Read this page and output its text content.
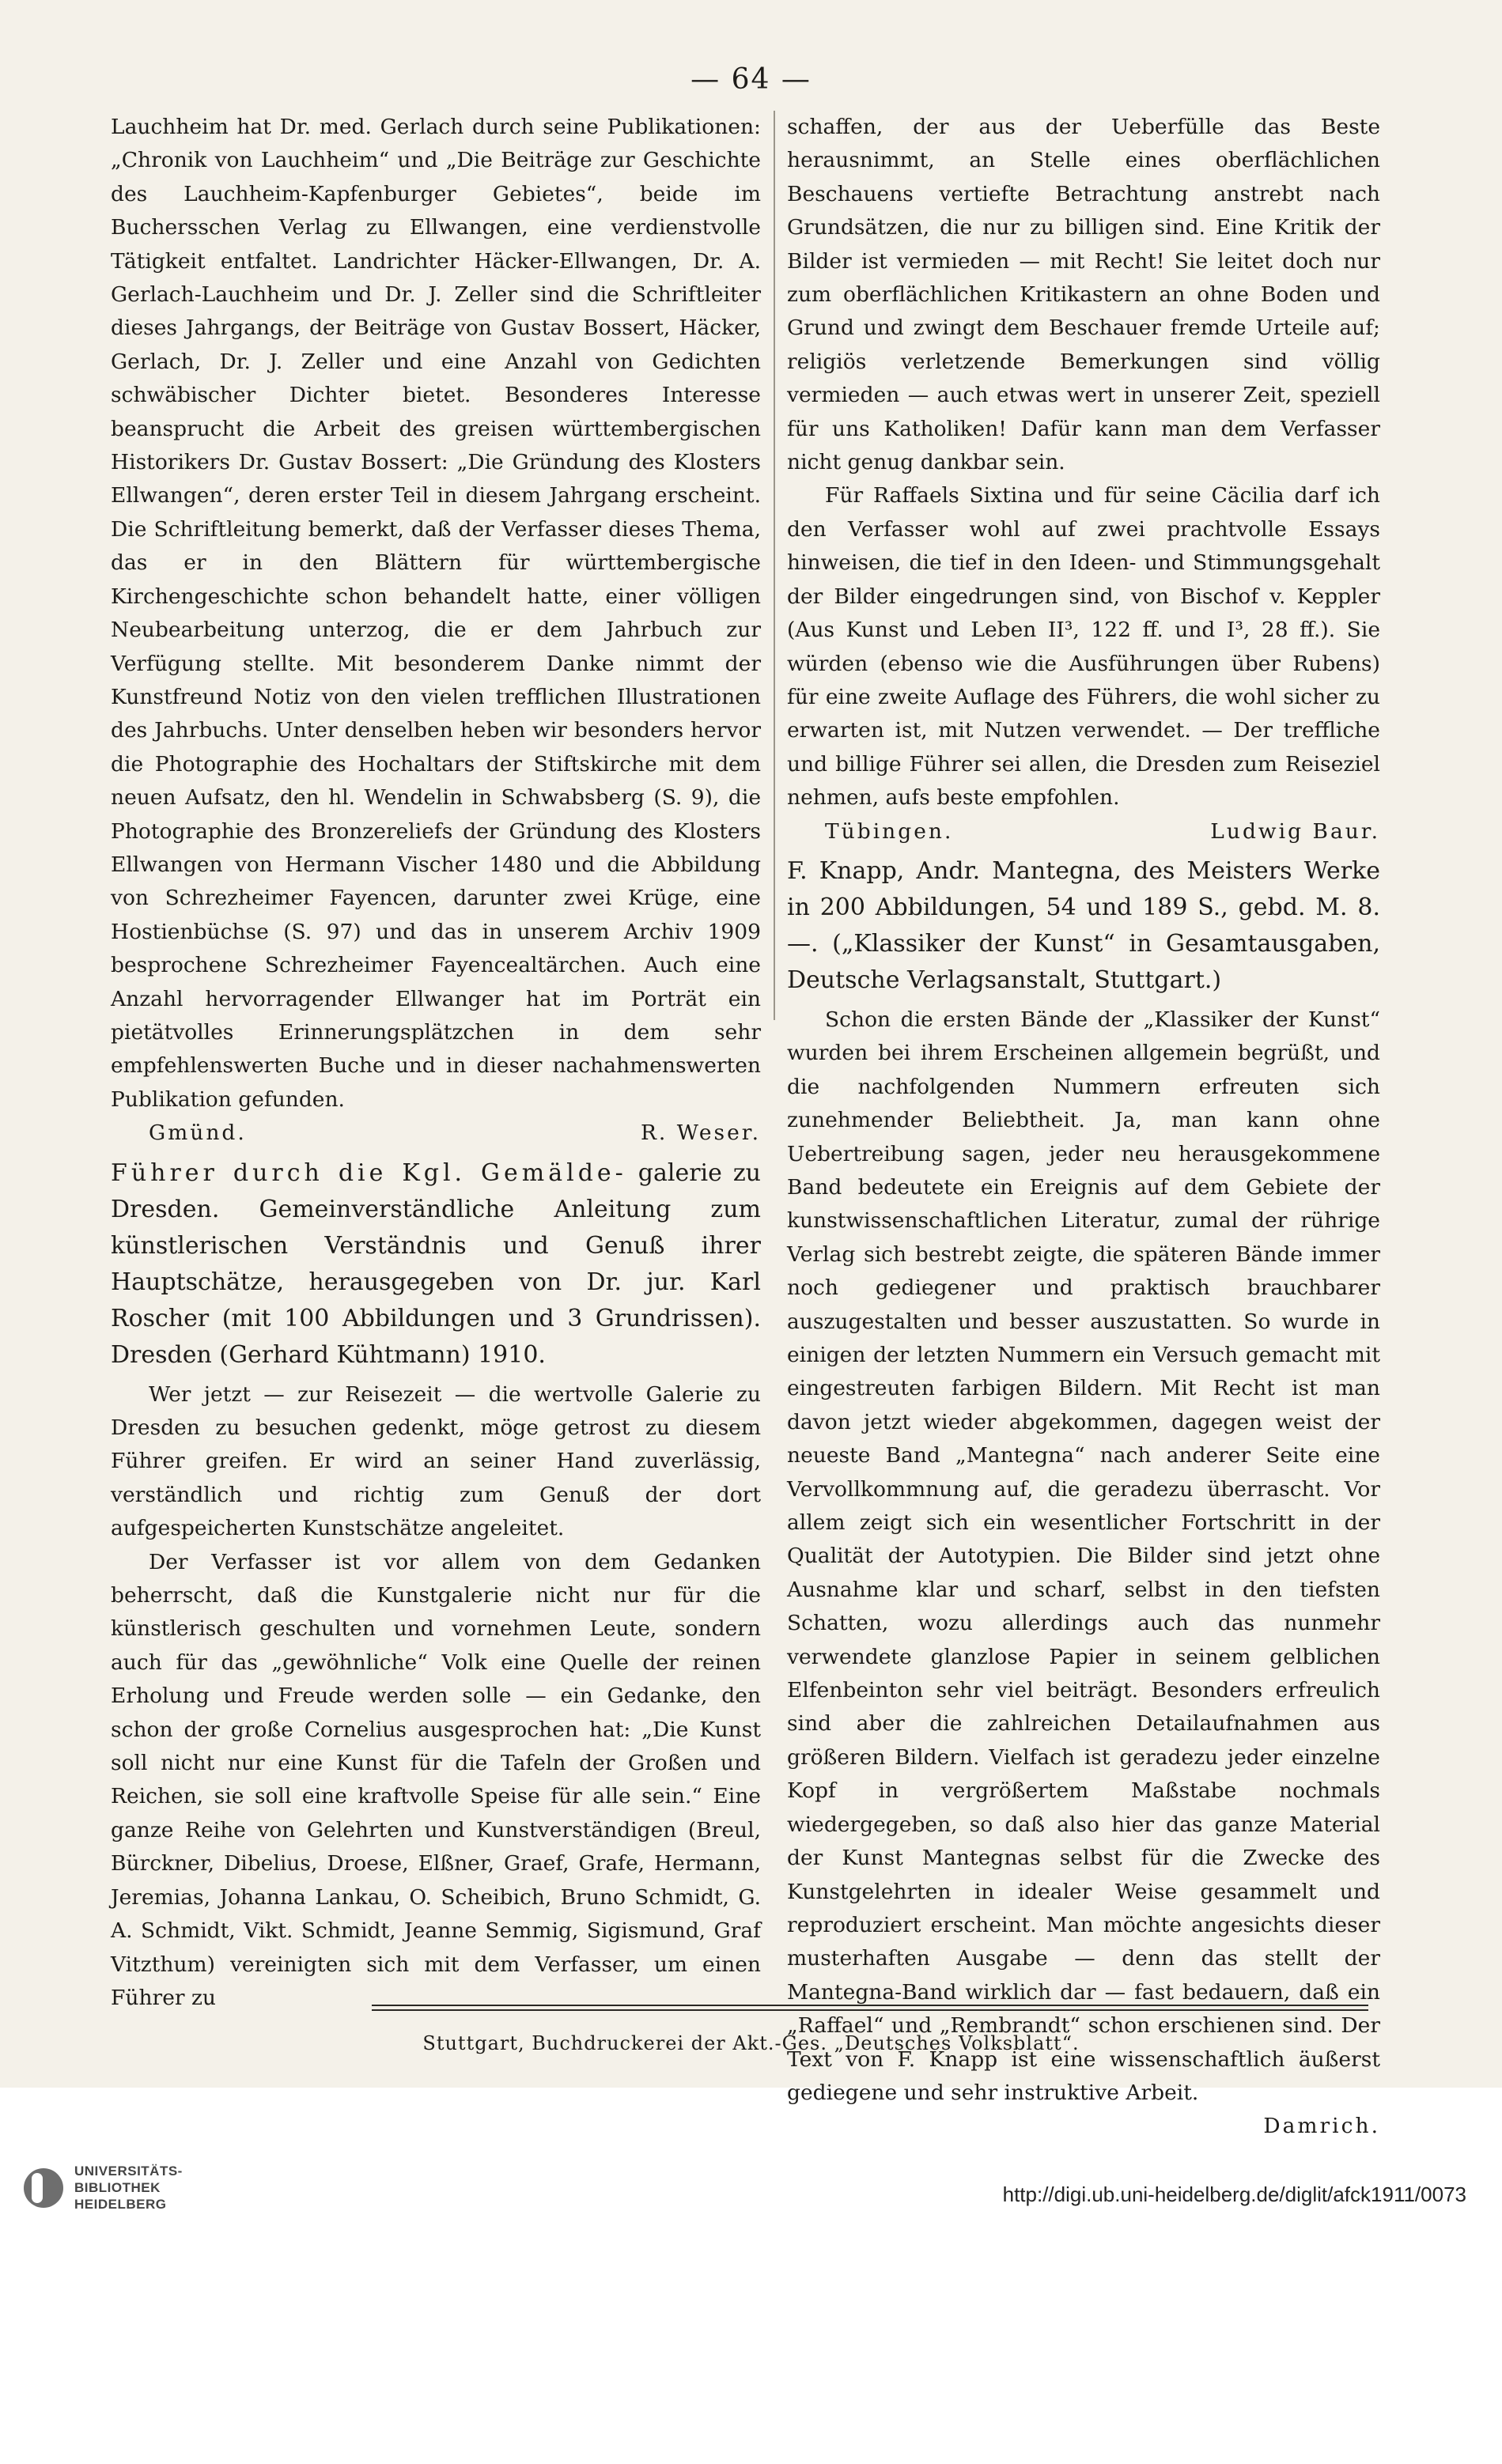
— 64 —

Lauchheim hat Dr. med. Gerlach durch seine Publikationen: „Chronik von Lauchheim“ und „Die Beiträge zur Geschichte des Lauchheim-Kapfenburger Gebietes“, beide im Buchersschen Verlag zu Ellwangen, eine verdienstvolle Tätigkeit entfaltet. Landrichter Häcker-Ellwangen, Dr. A. Gerlach-Lauchheim und Dr. J. Zeller sind die Schriftleiter dieses Jahrgangs, der Beiträge von Gustav Bossert, Häcker, Gerlach, Dr. J. Zeller und eine Anzahl von Gedichten schwäbischer Dichter bietet. Besonderes Interesse beansprucht die Arbeit des greisen württembergischen Historikers Dr. Gustav Bossert: „Die Gründung des Klosters Ellwangen“, deren erster Teil in diesem Jahrgang erscheint. Die Schriftleitung bemerkt, daß der Verfasser dieses Thema, das er in den Blättern für württembergische Kirchengeschichte schon behandelt hatte, einer völligen Neubearbeitung unterzog, die er dem Jahrbuch zur Verfügung stellte. Mit besonderem Danke nimmt der Kunstfreund Notiz von den vielen trefflichen Illustrationen des Jahrbuchs. Unter denselben heben wir besonders hervor die Photographie des Hochaltars der Stiftskirche mit dem neuen Aufsatz, den hl. Wendelin in Schwabsberg (S. 9), die Photographie des Bronzereliefs der Gründung des Klosters Ellwangen von Hermann Vischer 1480 und die Abbildung von Schrezheimer Fayencen, darunter zwei Krüge, eine Hostienbüchse (S. 97) und das in unserem Archiv 1909 besprochene Schrezheimer Fayencealtärchen. Auch eine Anzahl hervorragender Ellwanger hat im Porträt ein pietätvolles Erinnerungsplätzchen in dem sehr empfehlenswerten Buche und in dieser nachahmenswerten Publikation gefunden.

Gmünd.	R. Weser.

Führer durch die Kgl. Gemälde- galerie zu Dresden. Gemeinverständliche Anleitung zum künstlerischen Verständnis und Genuß ihrer Hauptschätze, herausgegeben von Dr. jur. Karl Roscher (mit 100 Abbildungen und 3 Grundrissen). Dresden (Gerhard Kühtmann) 1910.

Wer jetzt — zur Reisezeit — die wertvolle Galerie zu Dresden zu besuchen gedenkt, möge getrost zu diesem Führer greifen. Er wird an seiner Hand zuverlässig, verständlich und richtig zum Genuß der dort aufgespeicherten Kunstschätze angeleitet.

Der Verfasser ist vor allem von dem Gedanken beherrscht, daß die Kunstgalerie nicht nur für die künstlerisch geschulten und vornehmen Leute, sondern auch für das „gewöhnliche“ Volk eine Quelle der reinen Erholung und Freude werden solle — ein Gedanke, den schon der große Cornelius ausgesprochen hat: „Die Kunst soll nicht nur eine Kunst für die Tafeln der Großen und Reichen, sie soll eine kraftvolle Speise für alle sein.“ Eine ganze Reihe von Gelehrten und Kunstverständigen (Breul, Bürckner, Dibelius, Droese, Elßner, Graef, Grafe, Hermann, Jeremias, Johanna Lankau, O. Scheibich, Bruno Schmidt, G. A. Schmidt, Vikt. Schmidt, Jeanne Semmig, Sigismund, Graf Vitzthum) vereinigten sich mit dem Verfasser, um einen Führer zu

schaffen, der aus der Ueberfülle das Beste herausnimmt, an Stelle eines oberflächlichen Beschauens vertiefte Betrachtung anstrebt nach Grundsätzen, die nur zu billigen sind. Eine Kritik der Bilder ist vermieden — mit Recht! Sie leitet doch nur zum oberflächlichen Kritikastern an ohne Boden und Grund und zwingt dem Beschauer fremde Urteile auf; religiös verletzende Bemerkungen sind völlig vermieden — auch etwas wert in unserer Zeit, speziell für uns Katholiken! Dafür kann man dem Verfasser nicht genug dankbar sein.

Für Raffaels Sixtina und für seine Cäcilia darf ich den Verfasser wohl auf zwei prachtvolle Essays hinweisen, die tief in den Ideen- und Stimmungsgehalt der Bilder eingedrungen sind, von Bischof v. Keppler (Aus Kunst und Leben II³, 122 ff. und I³, 28 ff.). Sie würden (ebenso wie die Ausführungen über Rubens) für eine zweite Auflage des Führers, die wohl sicher zu erwarten ist, mit Nutzen verwendet. — Der treffliche und billige Führer sei allen, die Dresden zum Reiseziel nehmen, aufs beste empfohlen.

Tübingen.	Ludwig Baur.

F. Knapp, Andr. Mantegna, des Meisters Werke in 200 Abbildungen, 54 und 189 S., gebd. M. 8.—. („Klassiker der Kunst“ in Gesamtausgaben, Deutsche Verlagsanstalt, Stuttgart.)

Schon die ersten Bände der „Klassiker der Kunst“ wurden bei ihrem Erscheinen allgemein begrüßt, und die nachfolgenden Nummern erfreuten sich zunehmender Beliebtheit. Ja, man kann ohne Uebertreibung sagen, jeder neu herausgekommene Band bedeutete ein Ereignis auf dem Gebiete der kunstwissenschaftlichen Literatur, zumal der rührige Verlag sich bestrebt zeigte, die späteren Bände immer noch gediegener und praktisch brauchbarer auszugestalten und besser auszustatten. So wurde in einigen der letzten Nummern ein Versuch gemacht mit eingestreuten farbigen Bildern. Mit Recht ist man davon jetzt wieder abgekommen, dagegen weist der neueste Band „Mantegna“ nach anderer Seite eine Vervollkommnung auf, die geradezu überrascht. Vor allem zeigt sich ein wesentlicher Fortschritt in der Qualität der Autotypien. Die Bilder sind jetzt ohne Ausnahme klar und scharf, selbst in den tiefsten Schatten, wozu allerdings auch das nunmehr verwendete glanzlose Papier in seinem gelblichen Elfenbeinton sehr viel beiträgt. Besonders erfreulich sind aber die zahlreichen Detailaufnahmen aus größeren Bildern. Vielfach ist geradezu jeder einzelne Kopf in vergrößertem Maßstabe nochmals wiedergegeben, so daß also hier das ganze Material der Kunst Mantegnas selbst für die Zwecke des Kunstgelehrten in idealer Weise gesammelt und reproduziert erscheint. Man möchte angesichts dieser musterhaften Ausgabe — denn das stellt der Mantegna-Band wirklich dar — fast bedauern, daß ein „Raffael“ und „Rembrandt“ schon erschienen sind. Der Text von F. Knapp ist eine wissenschaftlich äußerst gediegene und sehr instruktive Arbeit.

Damrich.
Stuttgart, Buchdruckerei der Akt.-Ges. „Deutsches Volksblatt“.
UNIVERSITÄTS-
BIBLIOTHEK
HEIDELBERG	http://digi.ub.uni-heidelberg.de/diglit/afck1911/0073
